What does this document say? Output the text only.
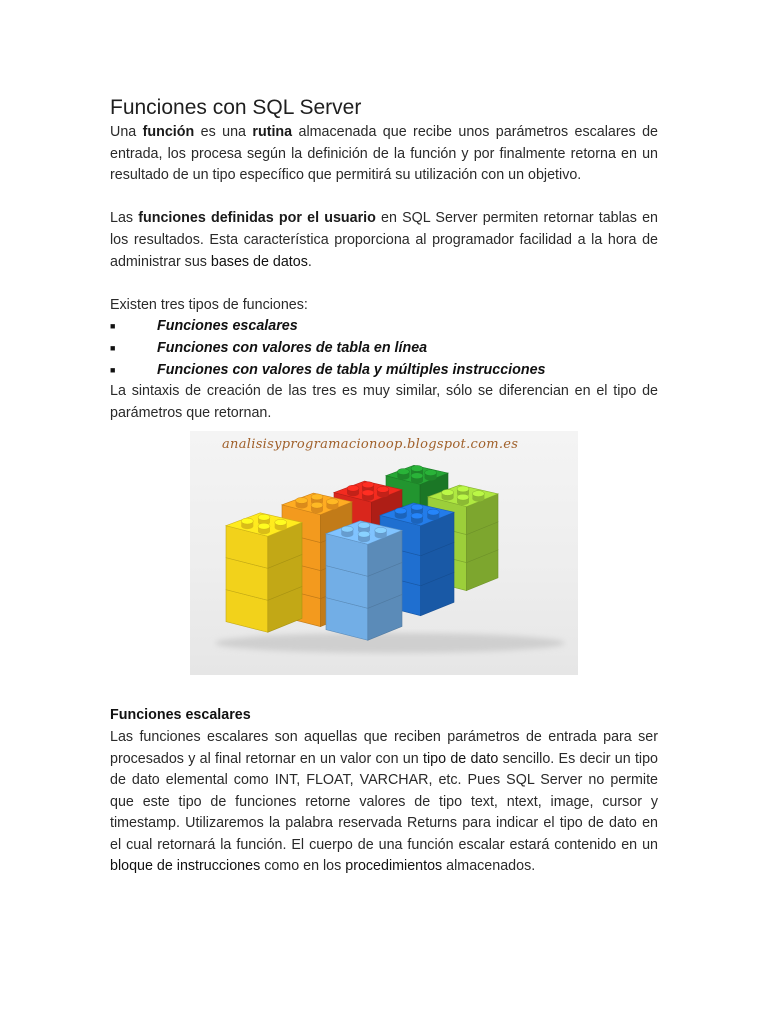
Funciones con SQL Server

Una función es una rutina almacenada que recibe unos parámetros escalares de entrada, los procesa según la definición de la función y por finalmente retorna en un resultado de un tipo específico que permitirá su utilización con un objetivo.

Las funciones definidas por el usuario en SQL Server permiten retornar tablas en los resultados. Esta característica proporciona al programador facilidad a la hora de administrar sus bases de datos.

Existen tres tipos de funciones:

■	Funciones escalares
■	Funciones con valores de tabla en línea
■	Funciones con valores de tabla y múltiples instrucciones

La sintaxis de creación de las tres es muy similar, sólo se diferencian en el tipo de parámetros que retornan.

analisisyprogramacionoop.blogspot.com.es
Funciones escalares

Las funciones escalares son aquellas que reciben parámetros de entrada para ser procesados y al final retornar en un valor con un tipo de dato sencillo. Es decir un tipo de dato elemental como INT, FLOAT, VARCHAR, etc. Pues SQL Server no permite que este tipo de funciones retorne valores de tipo text, ntext, image, cursor y timestamp. Utilizaremos la palabra reservada Returns para indicar el tipo de dato en el cual retornará la función. El cuerpo de una función escalar estará contenido en un bloque de instrucciones como en los procedimientos almacenados.
